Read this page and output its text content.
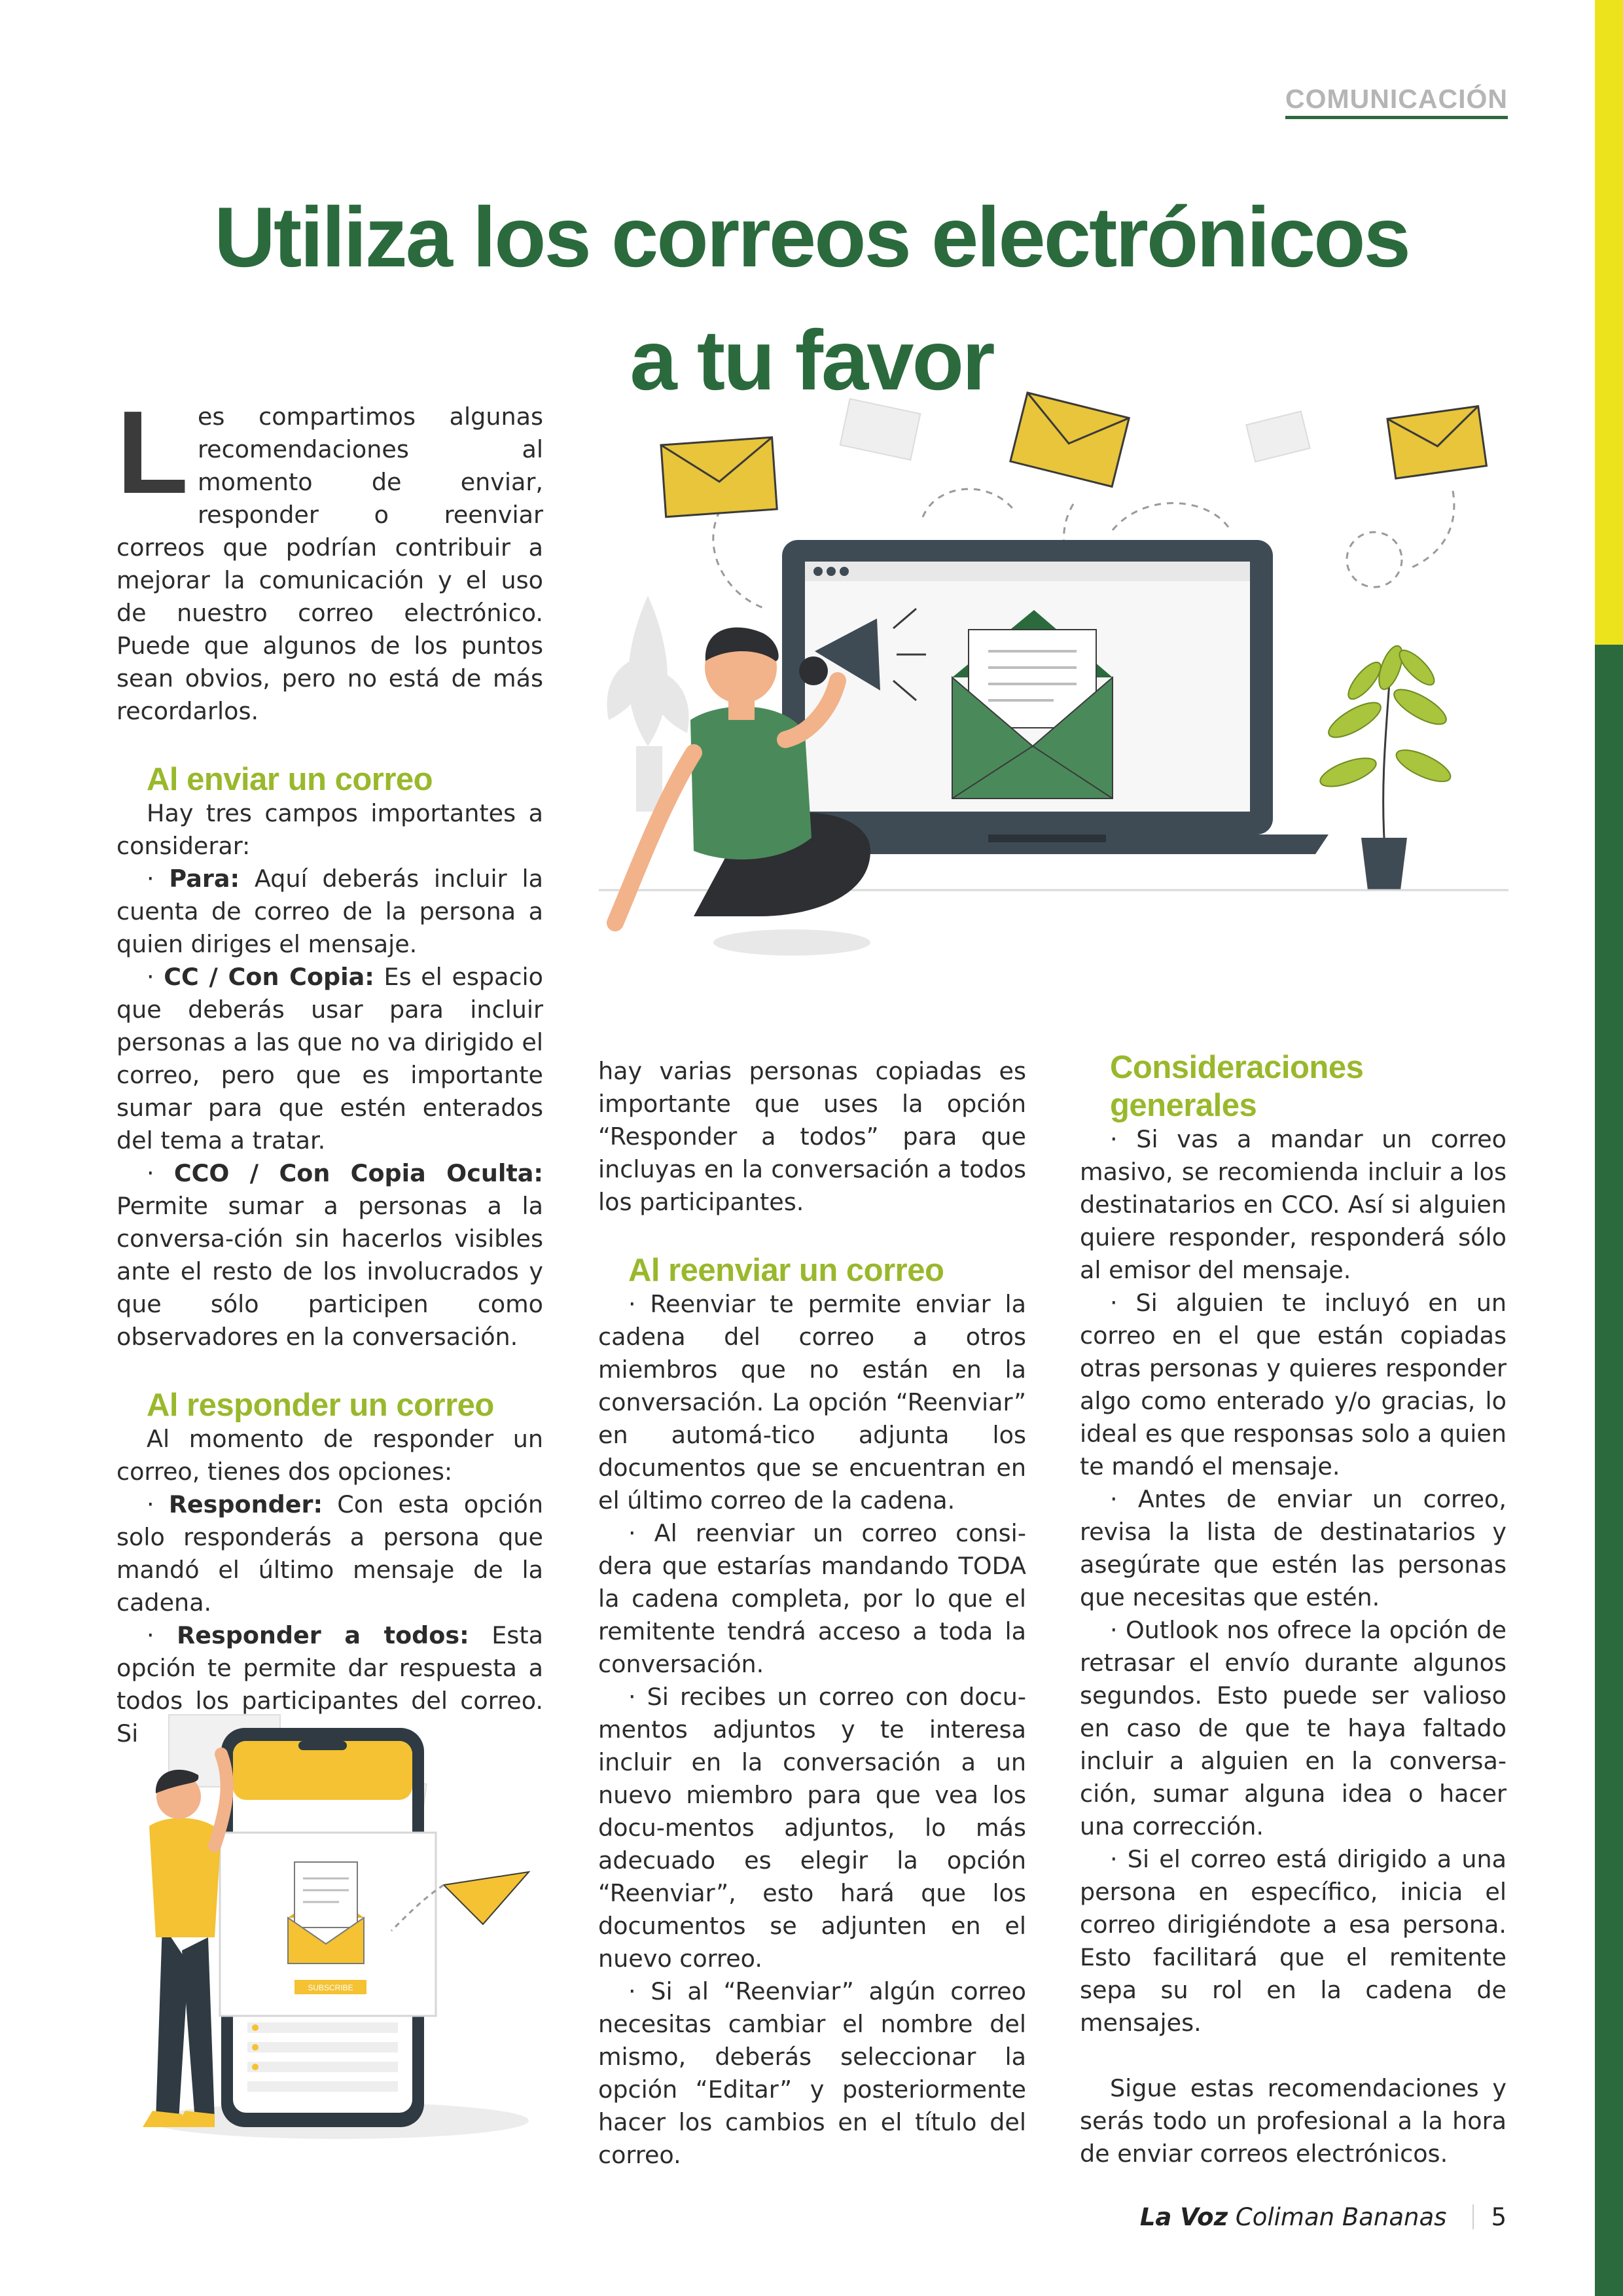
COMUNICACIÓN
Utiliza los correos electrónicos
a tu favor

Les compartimos algunas recomendaciones al momento de enviar, responder o reenviar correos que podrían contribuir a mejorar la comunicación y el uso de nuestro correo electrónico. Puede que algunos de los puntos sean obvios, pero no está de más recordarlos.

Al enviar un correo

Hay tres campos importantes a considerar:

· Para: Aquí deberás incluir la cuenta de correo de la persona a quien diriges el mensaje.

· CC / Con Copia: Es el espacio que deberás usar para incluir personas a las que no va dirigido el correo, pero que es importante sumar para que estén enterados del tema a tratar.

· CCO / Con Copia Oculta: Permite sumar a personas a la conversa-ción sin hacerlos visibles ante el resto de los involucrados y que sólo participen como observadores en la conversación.

Al responder un correo

Al momento de responder un correo, tienes dos opciones:

· Responder: Con esta opción solo responderás a persona que mandó el último mensaje de la cadena.

· Responder a todos: Esta opción te permite dar respuesta a todos los participantes del correo. Si

hay varias personas copiadas es importante que uses la opción “Responder a todos” para que incluyas en la conversación a todos los participantes.

Al reenviar un correo

· Reenviar te permite enviar la cadena del correo a otros miembros que no están en la conversación. La opción “Reenviar” en automá-tico adjunta los documentos que se encuentran en el último correo de la cadena.

· Al reenviar un correo consi-dera que estarías mandando TODA la cadena completa, por lo que el remitente tendrá acceso a toda la conversación.

· Si recibes un correo con docu-mentos adjuntos y te interesa incluir en la conversación a un nuevo miembro para que vea los docu-mentos adjuntos, lo más adecuado es elegir la opción “Reenviar”, esto hará que los documentos se adjunten en el nuevo correo.

· Si al “Reenviar” algún correo necesitas cambiar el nombre del mismo, deberás seleccionar la opción “Editar” y posteriormente hacer los cambios en el título del correo.

Consideraciones generales

· Si vas a mandar un correo masivo, se recomienda incluir a los destinatarios en CCO. Así si alguien quiere responder, responderá sólo al emisor del mensaje.

· Si alguien te incluyó en un correo en el que están copiadas otras personas y quieres responder algo como enterado y/o gracias, lo ideal es que responsas solo a quien te mandó el mensaje.

· Antes de enviar un correo, revisa la lista de destinatarios y asegúrate que estén las personas que necesitas que estén.

· Outlook nos ofrece la opción de retrasar el envío durante algunos segundos. Esto puede ser valioso en caso de que te haya faltado incluir a alguien en la conversa-ción, sumar alguna idea o hacer una corrección.

· Si el correo está dirigido a una persona en específico, inicia el correo dirigiéndote a esa persona. Esto facilitará que el remitente sepa su rol en la cadena de mensajes.

Sigue estas recomendaciones y serás todo un profesional a la hora de enviar correos electrónicos.

SUBSCRIBE
La Voz Coliman Bananas 5
